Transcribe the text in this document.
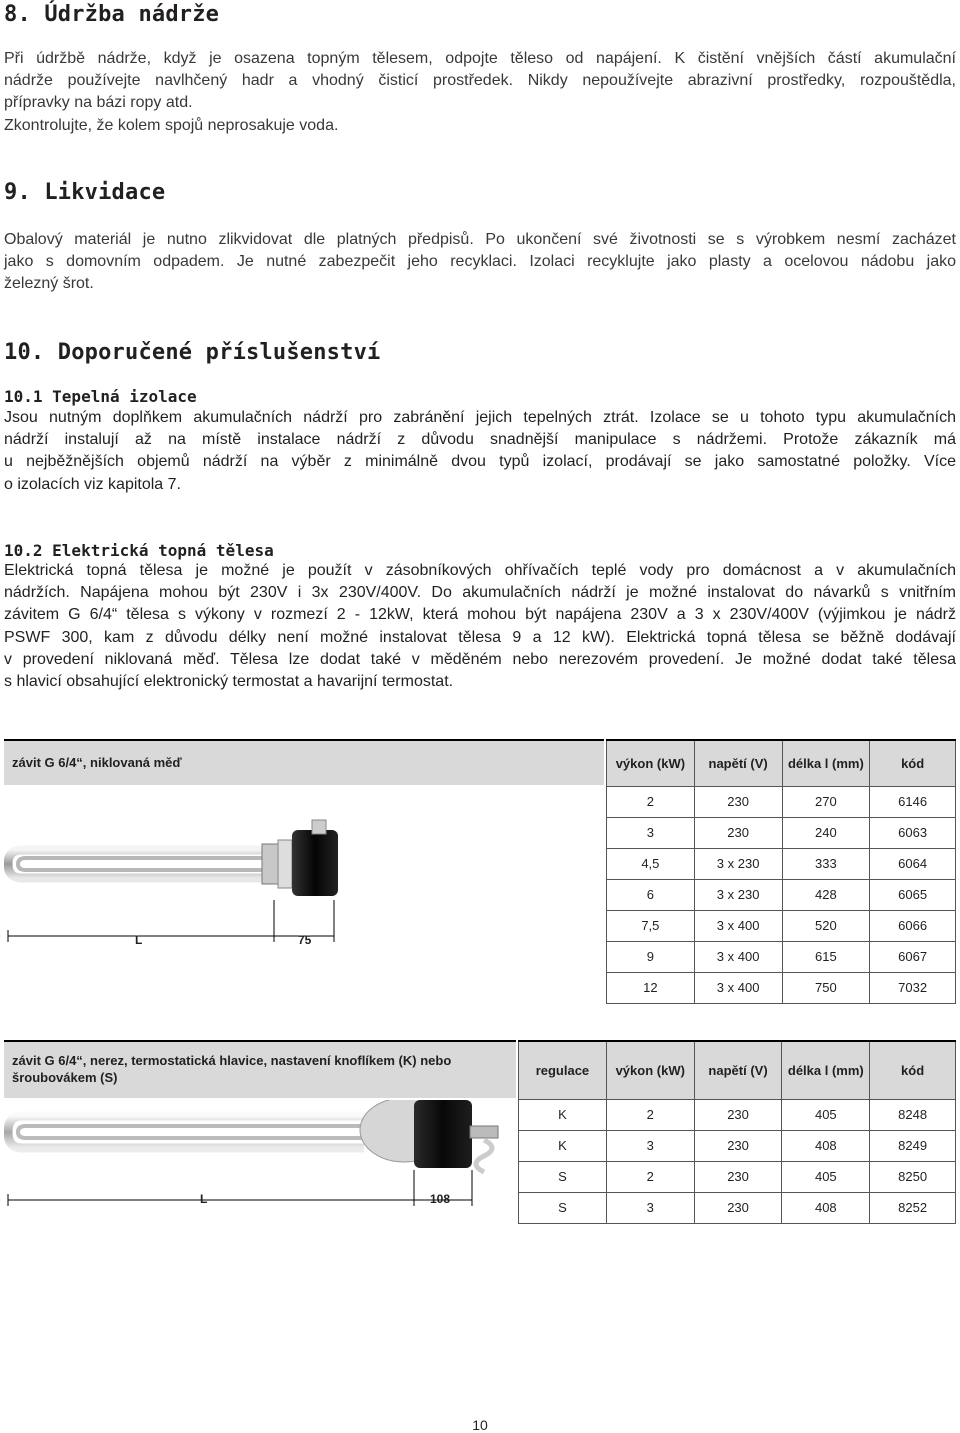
8. Údržba nádrže
Při údržbě nádrže, když je osazena topným tělesem, odpojte těleso od napájení. K čistění vnějších částí akumulační
nádrže používejte navlhčený hadr a vhodný čisticí prostředek. Nikdy nepoužívejte abrazivní prostředky, rozpouštědla,
přípravky na bázi ropy atd.
Zkontrolujte, že kolem spojů neprosakuje voda.
9. Likvidace
Obalový materiál je nutno zlikvidovat dle platných předpisů. Po ukončení své životnosti se s výrobkem nesmí zacházet
jako s domovním odpadem. Je nutné zabezpečit jeho recyklaci. Izolaci recyklujte jako plasty a ocelovou nádobu jako
železný šrot.
10. Doporučené příslušenství
10.1 Tepelná izolace
Jsou nutným doplňkem akumulačních nádrží pro zabránění jejich tepelných ztrát. Izolace se u tohoto typu akumulačních
nádrží instalují až na místě instalace nádrží z důvodu snadnější manipulace s nádržemi. Protože zákazník má
u nejběžnějších objemů nádrží na výběr z minimálně dvou typů izolací, prodávají se jako samostatné položky. Více
o izolacích viz kapitola 7.
10.2 Elektrická topná tělesa
Elektrická topná tělesa je možné je použít v zásobníkových ohřívačích teplé vody pro domácnost a v akumulačních
nádržích. Napájena mohou být 230V i 3x 230V/400V. Do akumulačních nádrží je možné instalovat do návarků s vnitřním
závitem G 6/4“ tělesa s výkony v rozmezí 2 - 12kW, která mohou být napájena 230V a 3 x 230V/400V (výjimkou je nádrž
PSWF 300, kam z důvodu délky není možné instalovat tělesa 9 a 12 kW). Elektrická topná tělesa se běžně dodávají
v provedení niklovaná měď. Tělesa lze dodat také v měděném nebo nerezovém provedení. Je možné dodat také tělesa
s hlavicí obsahující elektronický termostat a havarijní termostat.
závit G 6/4“, niklovaná měď
L	75
výkon (kW)	napětí (V)	délka l (mm)	kód
2	230	270	6146
3	230	240	6063
4,5	3 x 230	333	6064
6	3 x 230	428	6065
7,5	3 x 400	520	6066
9	3 x 400	615	6067
12	3 x 400	750	7032
závit G 6/4“, nerez, termostatická hlavice, nastavení knoflíkem (K) nebo šroubovákem (S)
L	108
regulace	výkon (kW)	napětí (V)	délka l (mm)	kód
K	2	230	405	8248
K	3	230	408	8249
S	2	230	405	8250
S	3	230	408	8252
10
